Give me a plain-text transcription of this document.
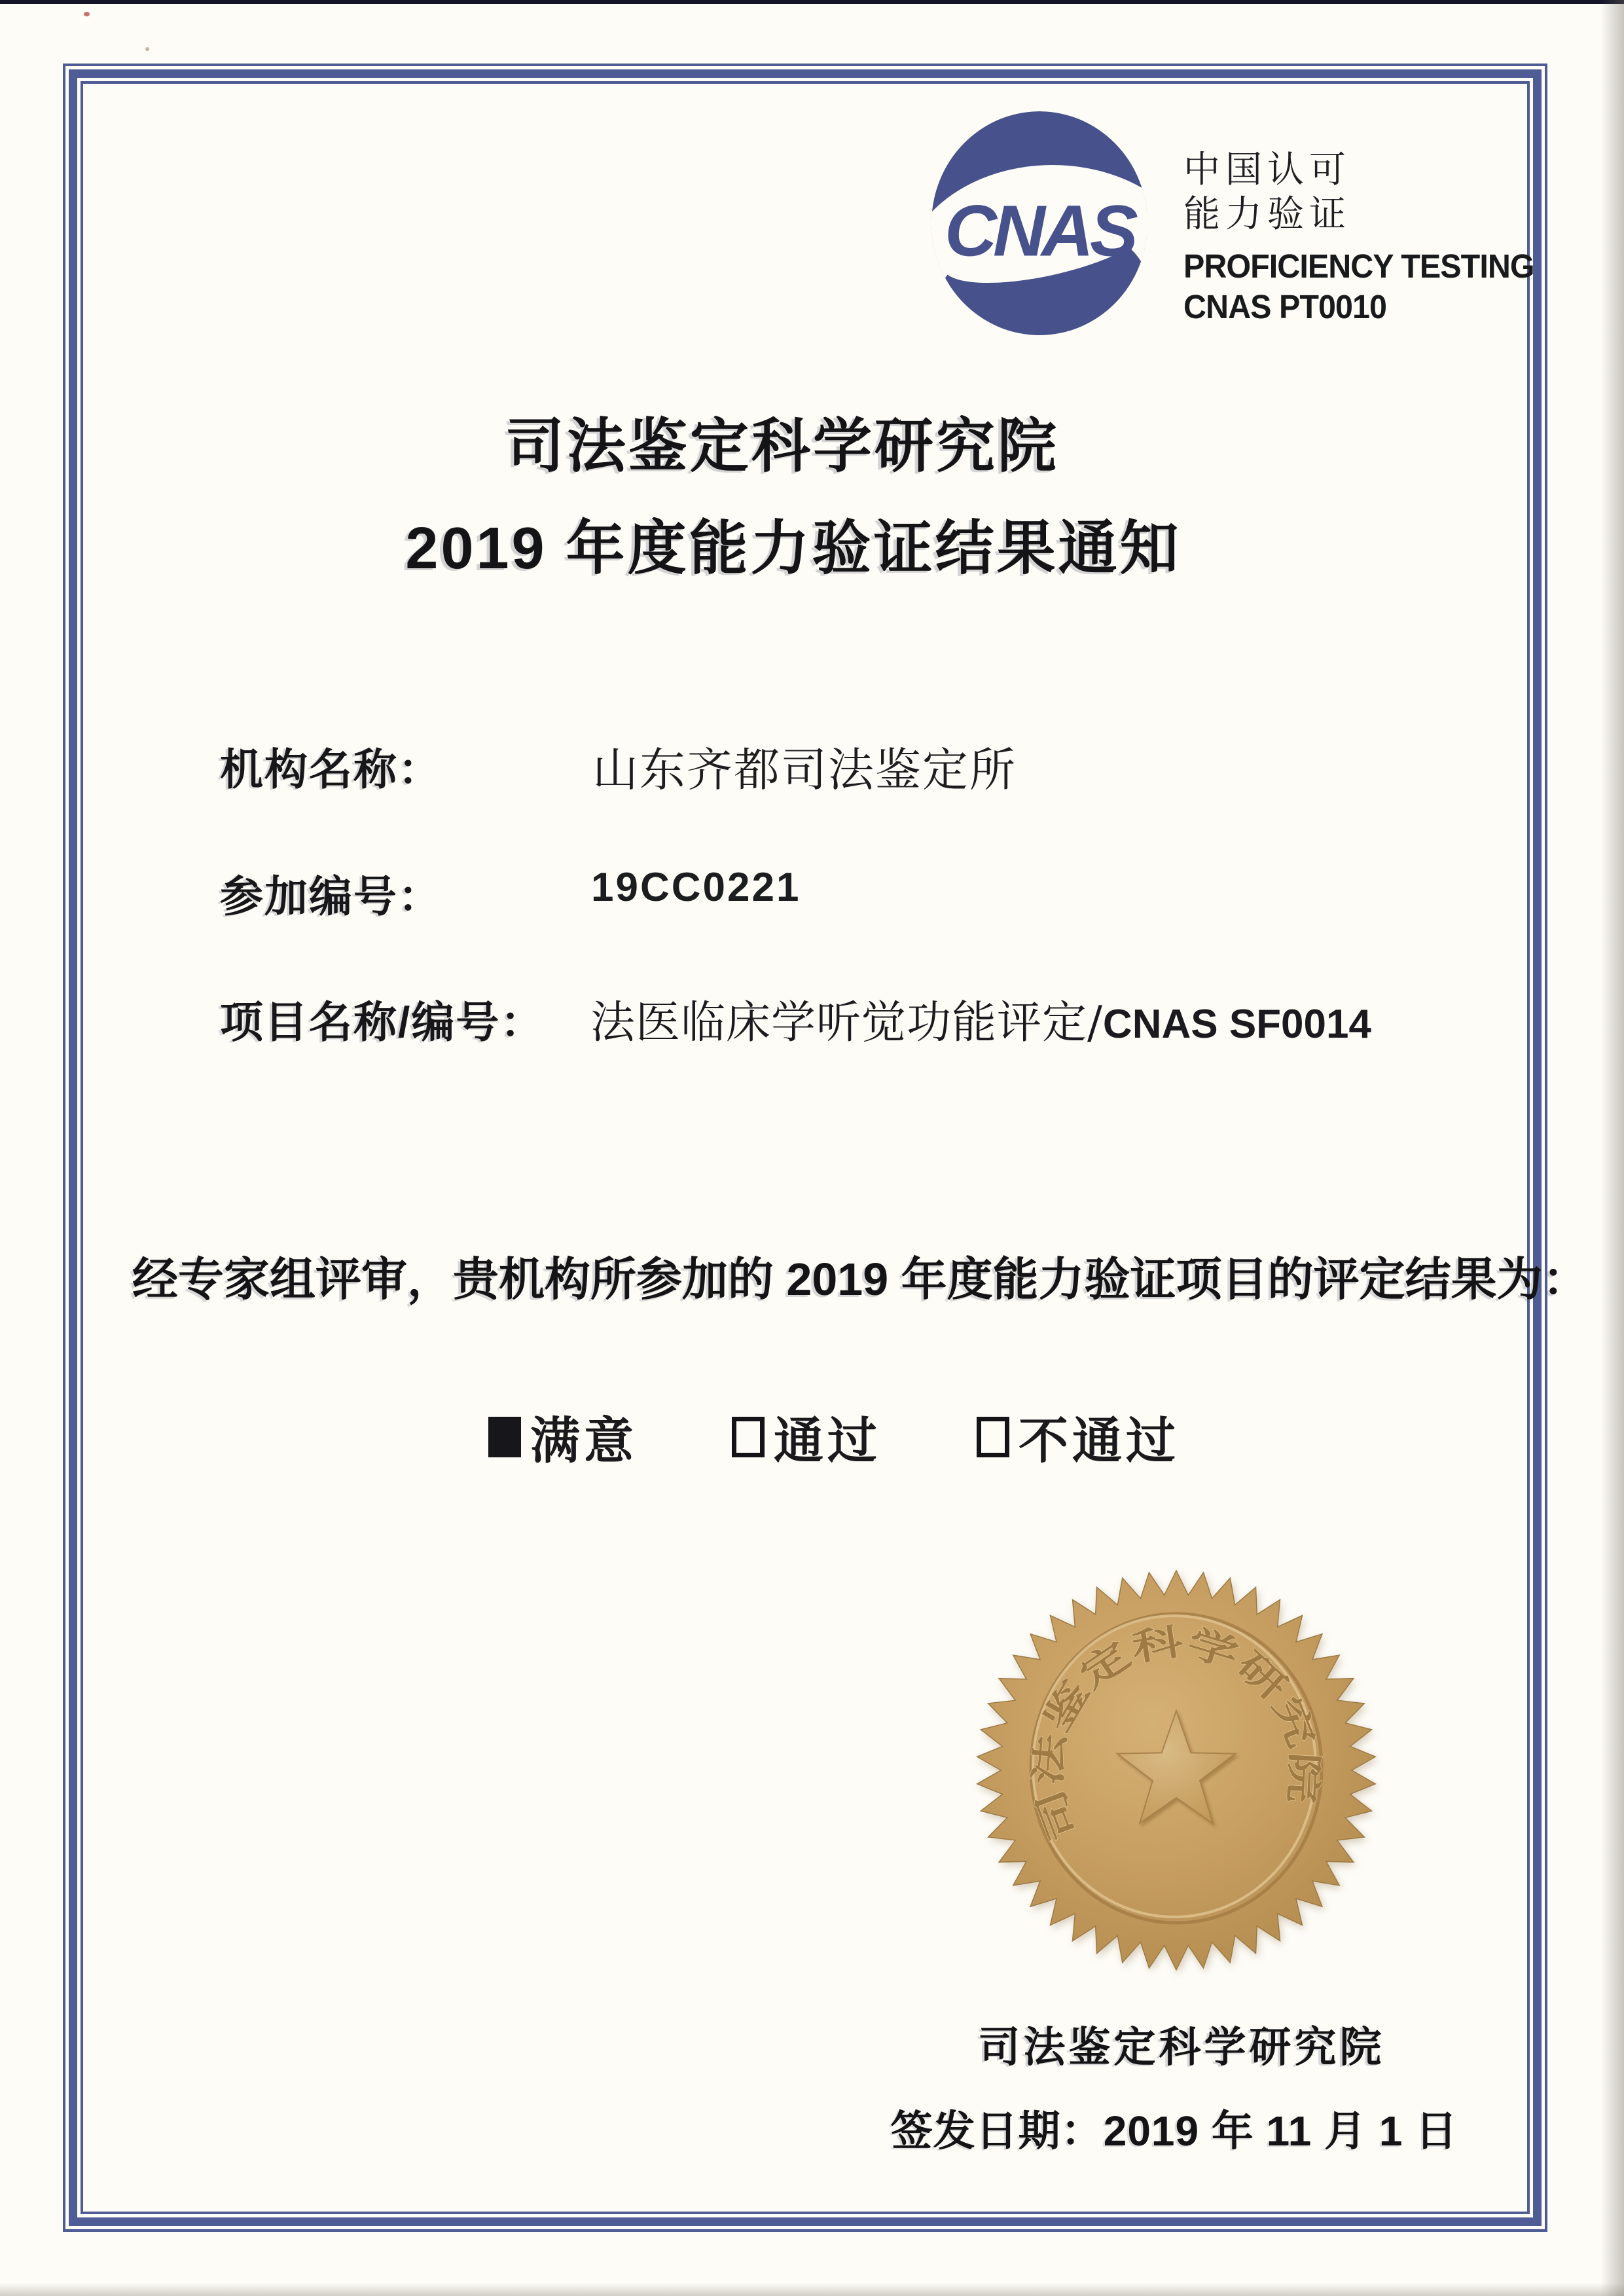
CNAS
中国认可
能力验证
PROFICIENCY TESTING
CNAS PT0010
司法鉴定科学研究院
2019 年度能力验证结果通知
机构名称：	山东齐都司法鉴定所
参加编号：	19CC0221
项目名称/编号： 法医临床学听觉功能评定/CNAS SF0014
经专家组评审，贵机构所参加的 2019 年度能力验证项目的评定结果为：
满意	通过	不通过
司法鉴定科学研究院
司法鉴定科学研究院
签发日期：2019 年 11 月 1 日
